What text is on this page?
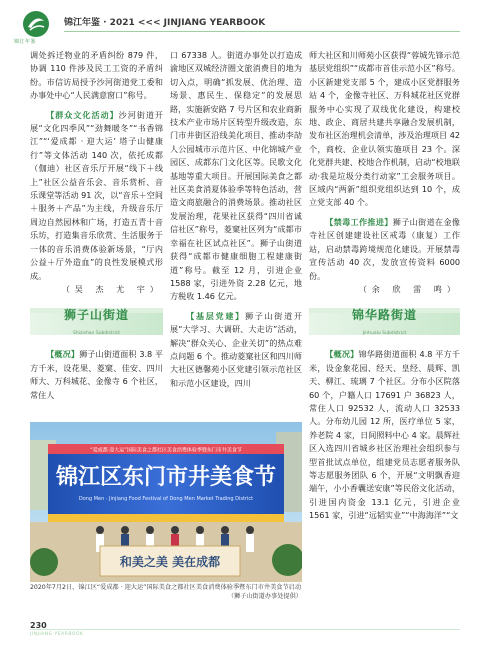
锦江年鉴
锦江年鉴 · 2021 <<< JINJIANG YEARBOOK

调处拆迁物业的矛盾纠纷 879 件，协调 110 件涉及民工工资的矛盾纠纷。市信访局授予沙河街道党工委和办事处中心“人民满意窗口”称号。

【群众文化活动】沙河街道开展“文化四季风”“劲舞暖冬”“书香锦江”“‘爱成都 · 迎大运’ 塔子山健康行”等文体活动 140 次，依托成都（伽迪）社区音乐厅开展“线下＋线上”社区公益音乐会、音乐赏析、音乐课堂等活动 91 次，以“音乐＋空间＋服务＋产品”为主线，升级音乐厅周边自然园林和广场，打造五青十音乐坊，打造集音乐欣赏、生活服务于一体的音乐消费体验新场景，“厅内公益＋厅外造血”的良性发展模式形成。

（吴 杰 尤 宇）

狮子山街道
Shizishan Subdistrict

【概况】狮子山街道面积 3.8 平方千米，设花果、菱窠、佳安、四川师大、万科城花、金像寺 6 个社区，常住人

口 67338 人。街道办事处以打造成渝地区双城经济圈文旅消费目的地为切入点，明确“抓发展、优治理、造场景、惠民生、保稳定”的发展思路，实施新安路 7 号片区和农业商新技术产业市场片区转型升级改造，东门市井街区沿线美化项目、推动李劼人公园城市示范片区、中化锦城产业园区、成都东门文化区等。民歌文化基地等重大项目。开展国际美食之都社区美食消夏体验季等特色活动，营造文商旅融合的消费场景。推动社区发展治理，花果社区获得“四川省诚信社区”称号，菱窠社区列为“成都市幸福在社区试点社区”。狮子山街道获得“成都市健康细胞工程建康街道”称号。截至 12 月，引进企业 1588 家，引进外资 2.28 亿元，地方税收 1.46 亿元。

【基层党建】狮子山街道开展“大学习、大调研、大走访”活动，解决“群众关心、企业关切”的热点难点问题 6 个。推动菱窠社区和四川师大社区德馨苑小区党建引领示范社区和示范小区建设，四川

师大社区和川师苑小区获得“蓉城先锋示范基层党组织”“成都市首佳示范小区”称号。小区新建党支部 5 个，建成小区党群服务站 4 个，金像寺社区、万科城花社区党群服务中心实现了双线优化建设，构建校地、政企、商居共建共享融合发展机制，发布社区治理机会清单，涉及治理项目 42 个，商校、企业认领实施项目 23 个。深化党群共建、校地合作机制，启动“校地联动·我是垃圾分类行动家”工会服务项目。区域内“两新”组织党组织达到 10 个，成立党支部 40 个。

【禁毒工作推进】狮子山街道在金像寺社区创建建设社区戒毒（康复）工作站，启动禁毒跨境规范化建设。开展禁毒宣传活动 40 次，发放宣传资料 6000 份。

（余 欣 雷 鸣）

锦华路街道
Jinhualu Subdistrict

【概况】锦华路街道面积 4.8 平方千米，设金象花园、经天、皇经、晨辉、凯天、柳江、琉璃 7 个社区。分布小区院落 60 个，户籍人口 17691 户 36823 人，常住人口 92532 人，流动人口 32533 人。分布幼儿园 12 所，医疗单位 5 家，养老院 4 家，日间照料中心 4 家。晨辉社区入选四川省城乡社区治理社会组织参与型首批试点单位，组建党员志愿者服务队等志愿服务团队 6 个，开展“文明飘香迎端午，小小香囊送安康”等民俗文化活动，引进国内资金 13.1 亿元，引进企业 1561 家，引进“远韬实业”“中海海洋”“文

“爱成都·迎大运”国际美食之都社区美食消费体验季暨东门市井美食节
锦江区东门市井美食节
Dong Men · Jinjiang Food Festival of Dong Men Market Trading District
和美之美 美在成都
2020年7月2日，锦江区“爱成都 · 迎大运”国际美食之都社区美食消费体验季暨东门市井美食节启动
（狮子山街道办事处提供）
230
JINJIANG YEARBOOK
